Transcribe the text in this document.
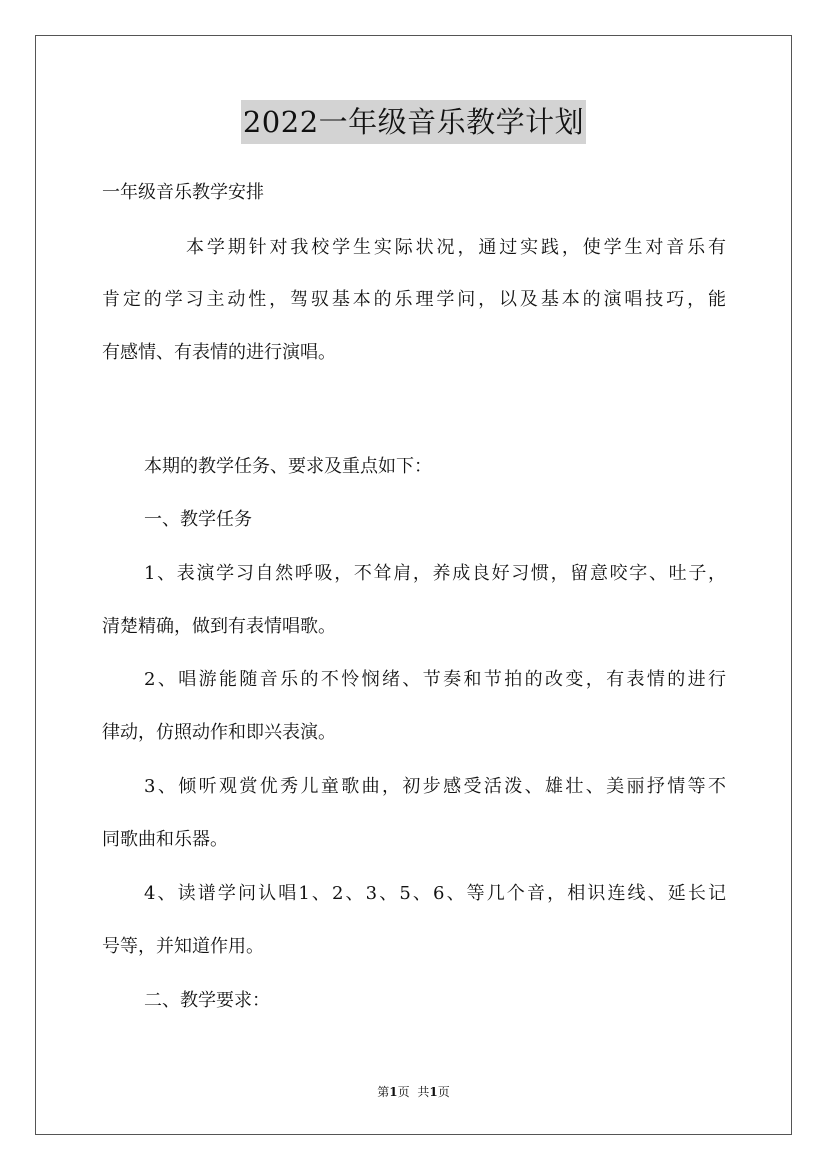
2022一年级音乐教学计划
一年级音乐教学安排
本学期针对我校学生实际状况，通过实践，使学生对音乐有
肯定的学习主动性，驾驭基本的乐理学问，以及基本的演唱技巧，能
有感情、有表情的进行演唱。
本期的教学任务、要求及重点如下：
一、教学任务
1、表演学习自然呼吸，不耸肩，养成良好习惯，留意咬字、吐子，
清楚精确，做到有表情唱歌。
2、唱游能随音乐的不怜悯绪、节奏和节拍的改变，有表情的进行
律动，仿照动作和即兴表演。
3、倾听观赏优秀儿童歌曲，初步感受活泼、雄壮、美丽抒情等不
同歌曲和乐器。
4、读谱学问认唱1、2、3、5、6、等几个音，相识连线、延长记
号等，并知道作用。
二、教学要求：
第1页 共1页
